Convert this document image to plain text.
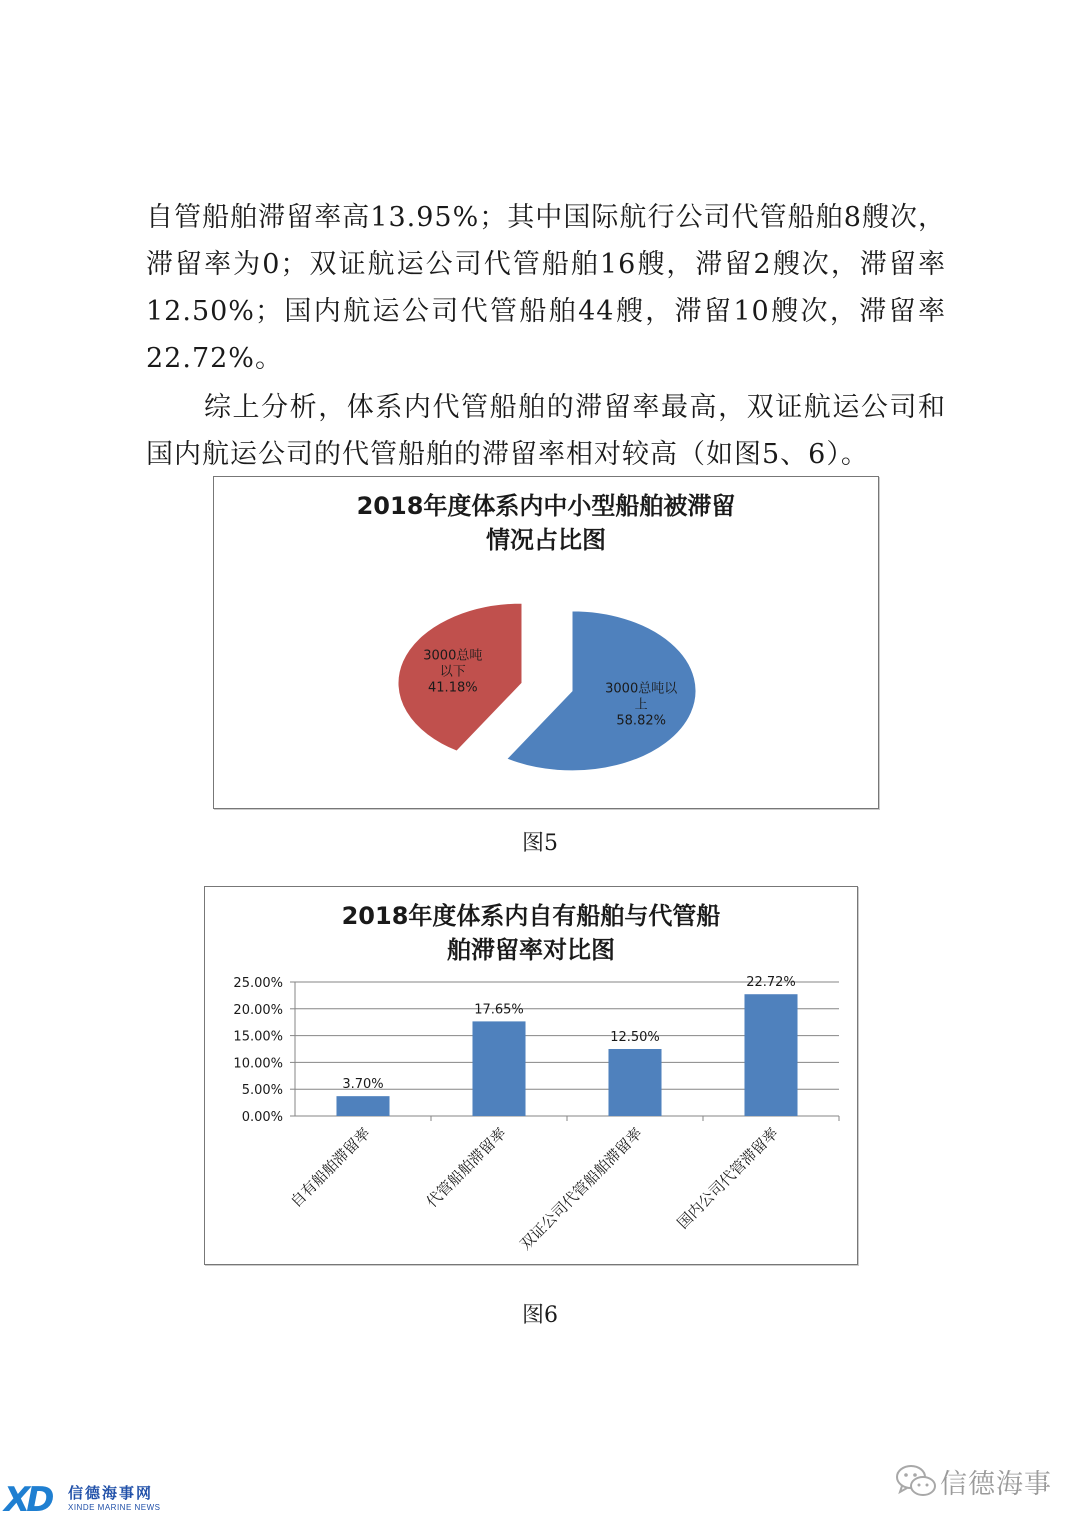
自管船舶滞留率高13.95%；其中国际航行公司代管船舶8艘次，滞留率为0；双证航运公司代管船舶16艘，滞留2艘次，滞留率12.50%；国内航运公司代管船舶44艘，滞留10艘次，滞留率22.72%。

综上分析，体系内代管船舶的滞留率最高，双证航运公司和国内航运公司的代管船舶的滞留率相对较高（如图5、6）。

2018年度体系内中小型船舶被滞留
情况占比图
3000总吨以上 58.82%
3000总吨以下 41.18%
图5
2018年度体系内自有船舶与代管船
舶滞留率对比图
0.00%
5.00%
10.00%
15.00%
20.00%
25.00%
3.70%
自有船舶滞留率
17.65%
代管船舶滞留率
12.50%
双证公司代管船舶滞留率
22.72%
国内公司代管滞留率
图6
XD 信德海事网
XINDE MARINE NEWS
信德海事
